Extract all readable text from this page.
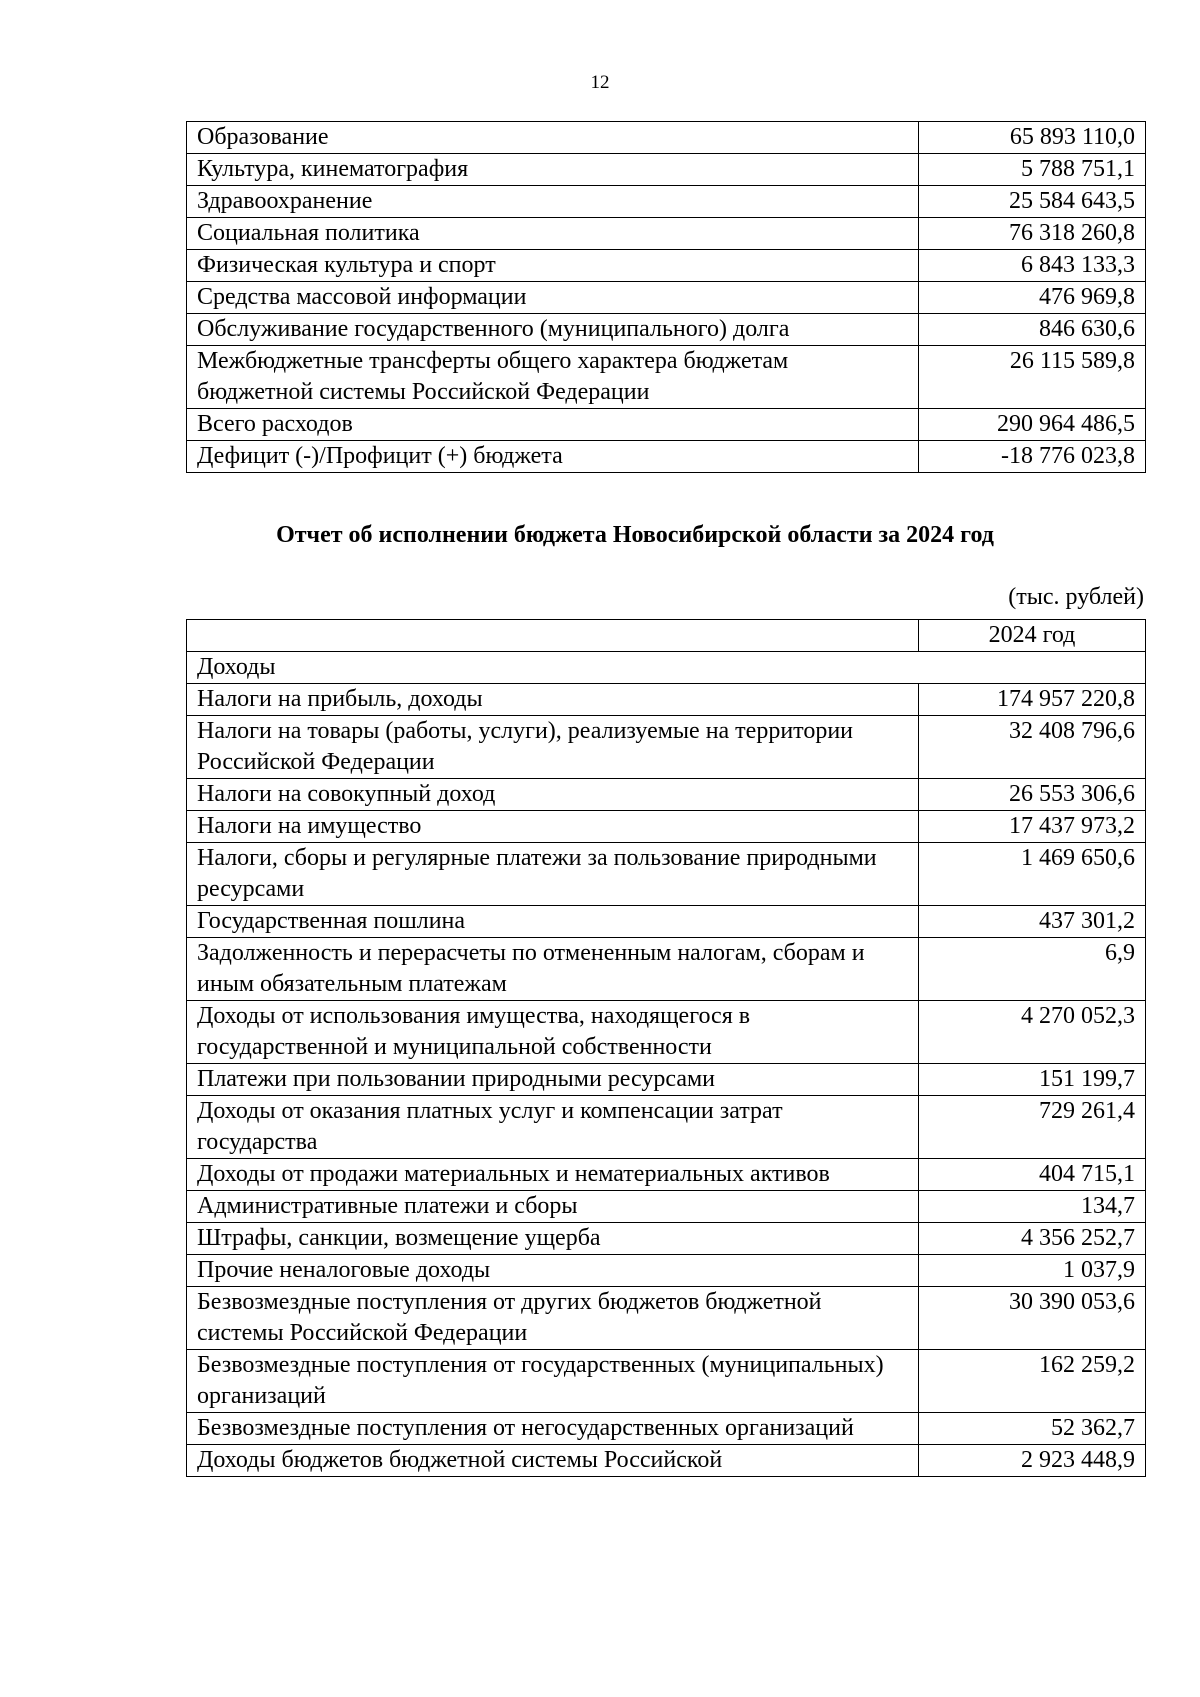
12
Образование	65 893 110,0
Культура, кинематография	5 788 751,1
Здравоохранение	25 584 643,5
Социальная политика	76 318 260,8
Физическая культура и спорт	6 843 133,3
Средства массовой информации	476 969,8
Обслуживание государственного (муниципального) долга	846 630,6
Межбюджетные трансферты общего характера бюджетам бюджетной системы Российской Федерации	26 115 589,8
Всего расходов	290 964 486,5
Дефицит (-)/Профицит (+) бюджета	-18 776 023,8
Отчет об исполнении бюджета Новосибирской области за 2024 год
(тыс. рублей)
	2024 год
Доходы	
Налоги на прибыль, доходы	174 957 220,8
Налоги на товары (работы, услуги), реализуемые на территории Российской Федерации	32 408 796,6
Налоги на совокупный доход	26 553 306,6
Налоги на имущество	17 437 973,2
Налоги, сборы и регулярные платежи за пользование природными ресурсами	1 469 650,6
Государственная пошлина	437 301,2
Задолженность и перерасчеты по отмененным налогам, сборам и иным обязательным платежам	6,9
Доходы от использования имущества, находящегося в государственной и муниципальной собственности	4 270 052,3
Платежи при пользовании природными ресурсами	151 199,7
Доходы от оказания платных услуг и компенсации затрат государства	729 261,4
Доходы от продажи материальных и нематериальных активов	404 715,1
Административные платежи и сборы	134,7
Штрафы, санкции, возмещение ущерба	4 356 252,7
Прочие неналоговые доходы	1 037,9
Безвозмездные поступления от других бюджетов бюджетной системы Российской Федерации	30 390 053,6
Безвозмездные поступления от государственных (муниципальных) организаций	162 259,2
Безвозмездные поступления от негосударственных организаций	52 362,7
Доходы бюджетов бюджетной системы Российской	2 923 448,9
